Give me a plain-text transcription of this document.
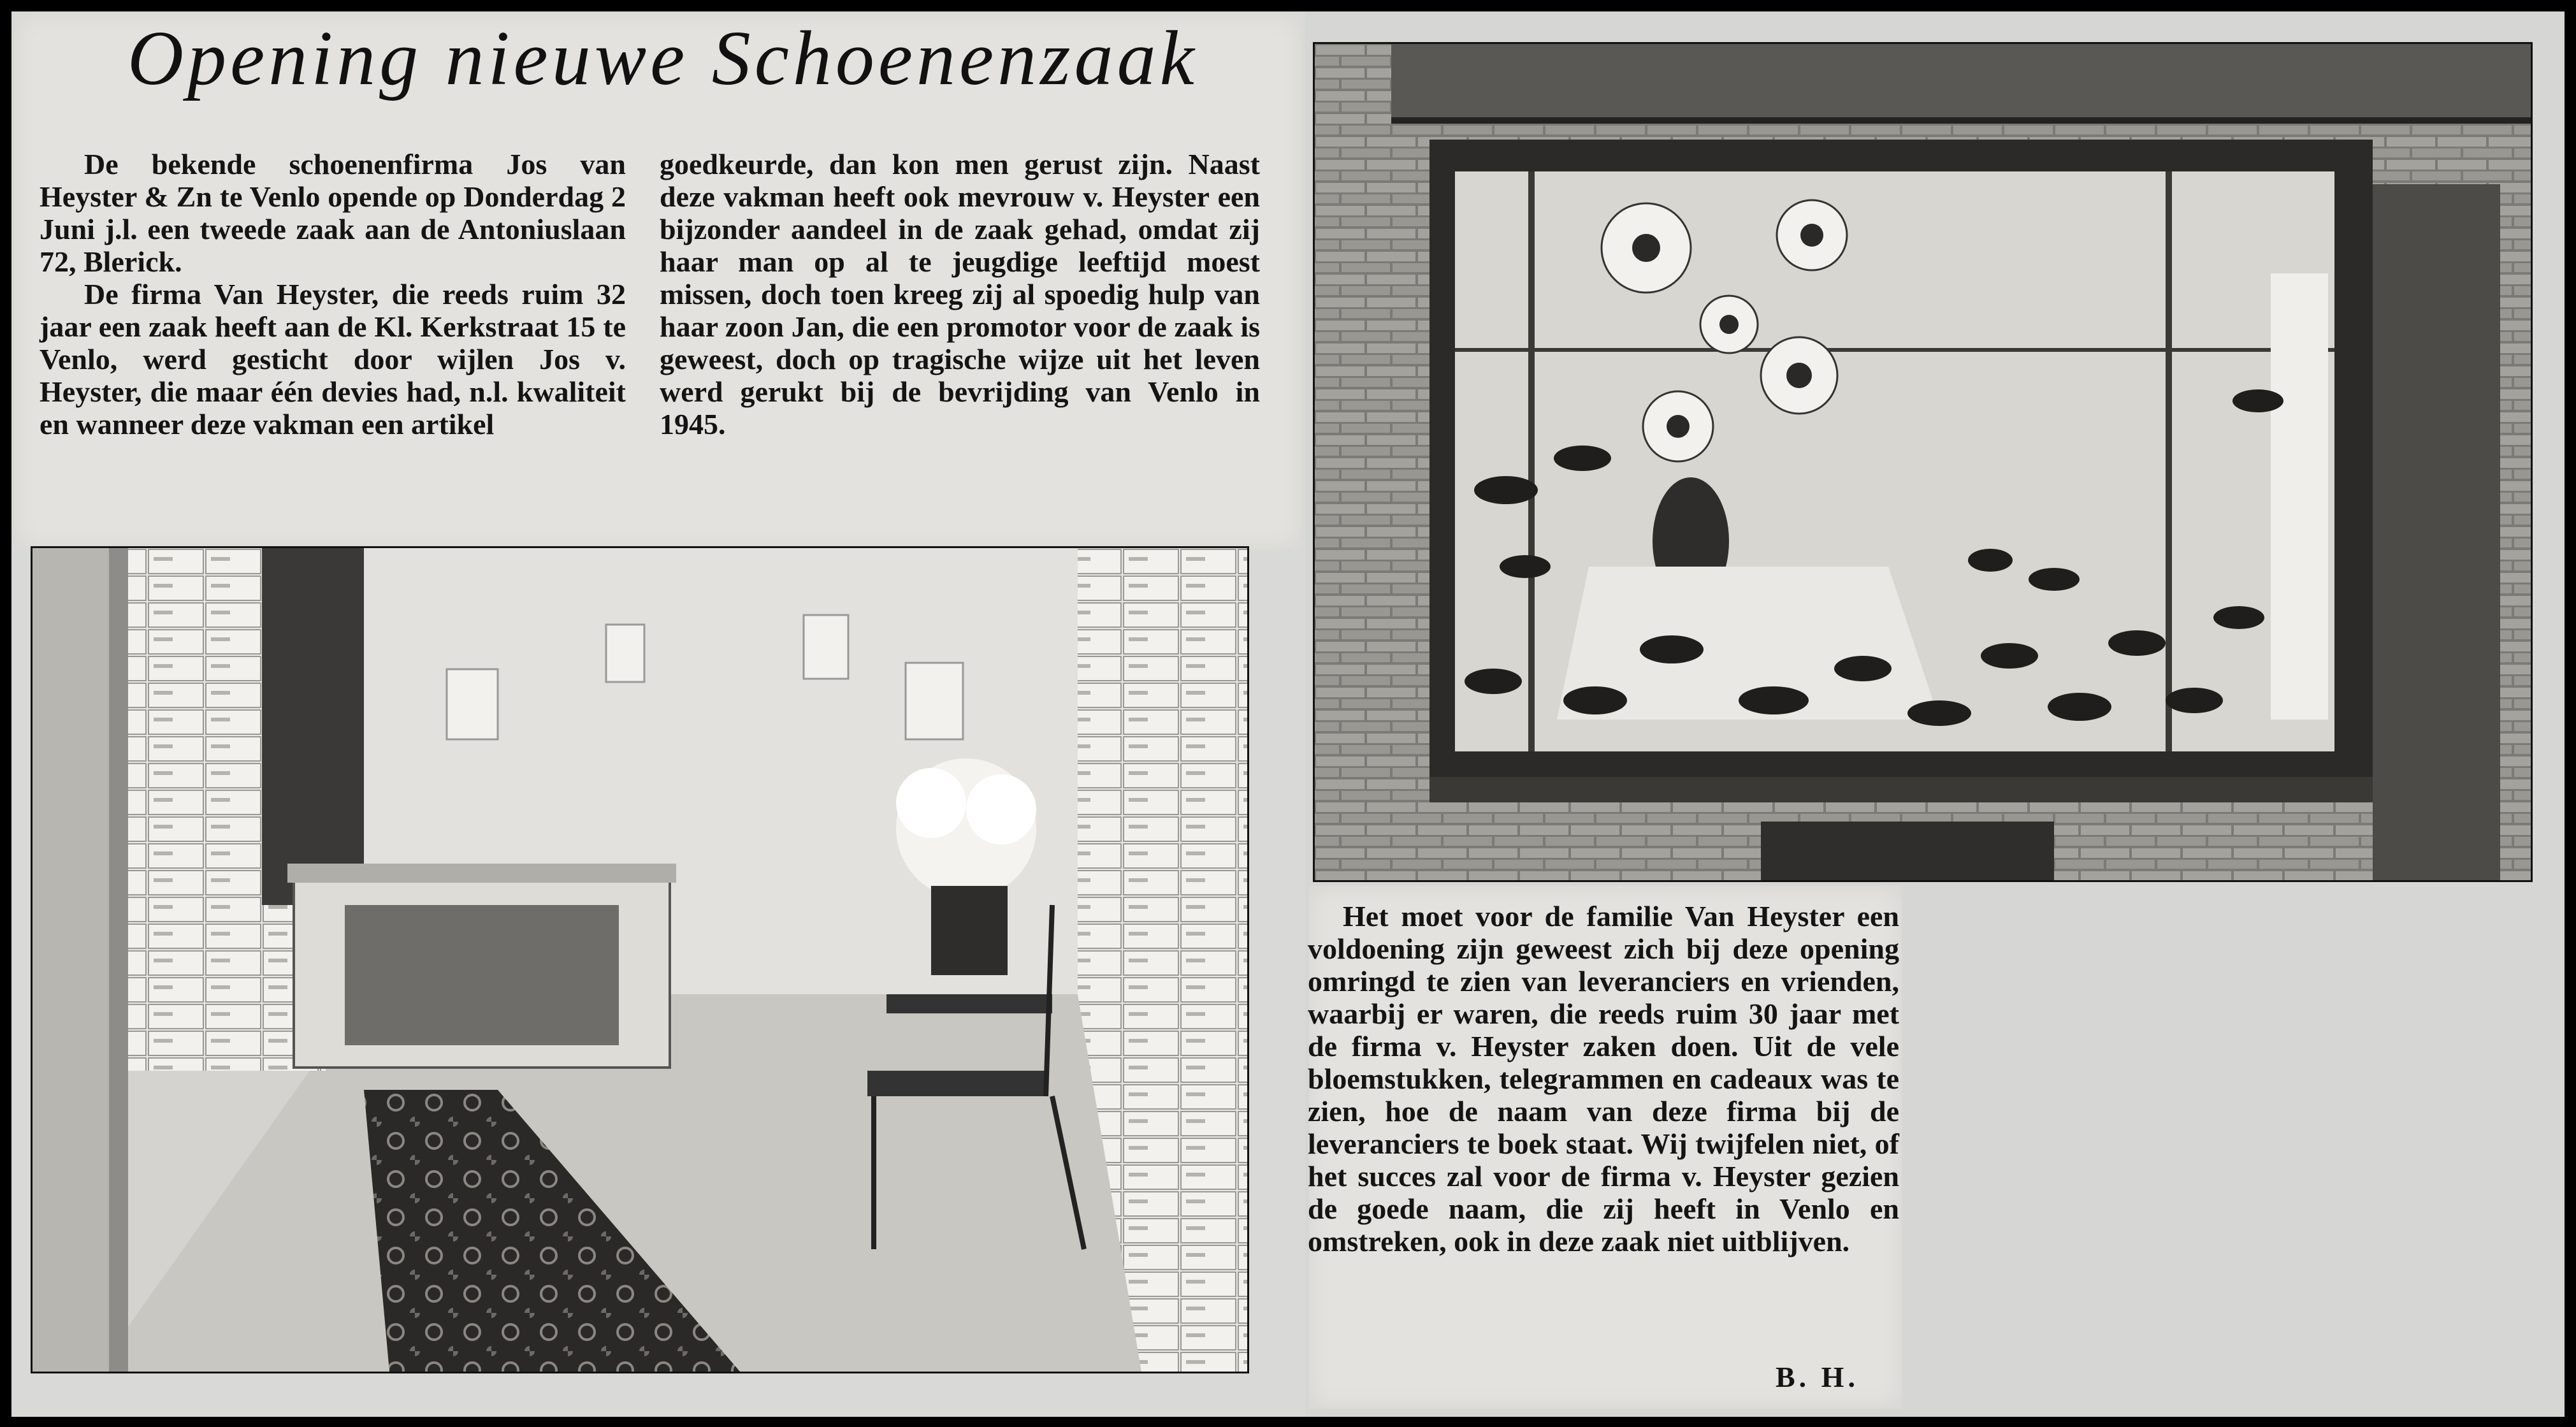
Opening nieuwe Schoenenzaak

De bekende schoenenfirma Jos van Heyster & Zn te Venlo opende op Donderdag 2 Juni j.l. een tweede zaak aan de Antoniuslaan 72, Blerick.

De firma Van Heyster, die reeds ruim 32 jaar een zaak heeft aan de Kl. Kerkstraat 15 te Venlo, werd gesticht door wijlen Jos v. Heyster, die maar één devies had, n.l. kwaliteit en wanneer deze vakman een artikel

goedkeurde, dan kon men gerust zijn. Naast deze vakman heeft ook mevrouw v. Heyster een bijzonder aandeel in de zaak gehad, omdat zij haar man op al te jeugdige leeftijd moest missen, doch toen kreeg zij al spoedig hulp van haar zoon Jan, die een promotor voor de zaak is geweest, doch op tragische wijze uit het leven werd gerukt bij de bevrijding van Venlo in 1945.

Het moet voor de familie Van Heyster een voldoening zijn geweest zich bij deze opening omringd te zien van leveranciers en vrienden, waarbij er waren, die reeds ruim 30 jaar met de firma v. Heyster zaken doen. Uit de vele bloemstukken, telegrammen en cadeaux was te zien, hoe de naam van deze firma bij de leveranciers te boek staat. Wij twijfelen niet, of het succes zal voor de firma v. Heyster gezien de goede naam, die zij heeft in Venlo en omstreken, ook in deze zaak niet uitblijven.

B. H.
